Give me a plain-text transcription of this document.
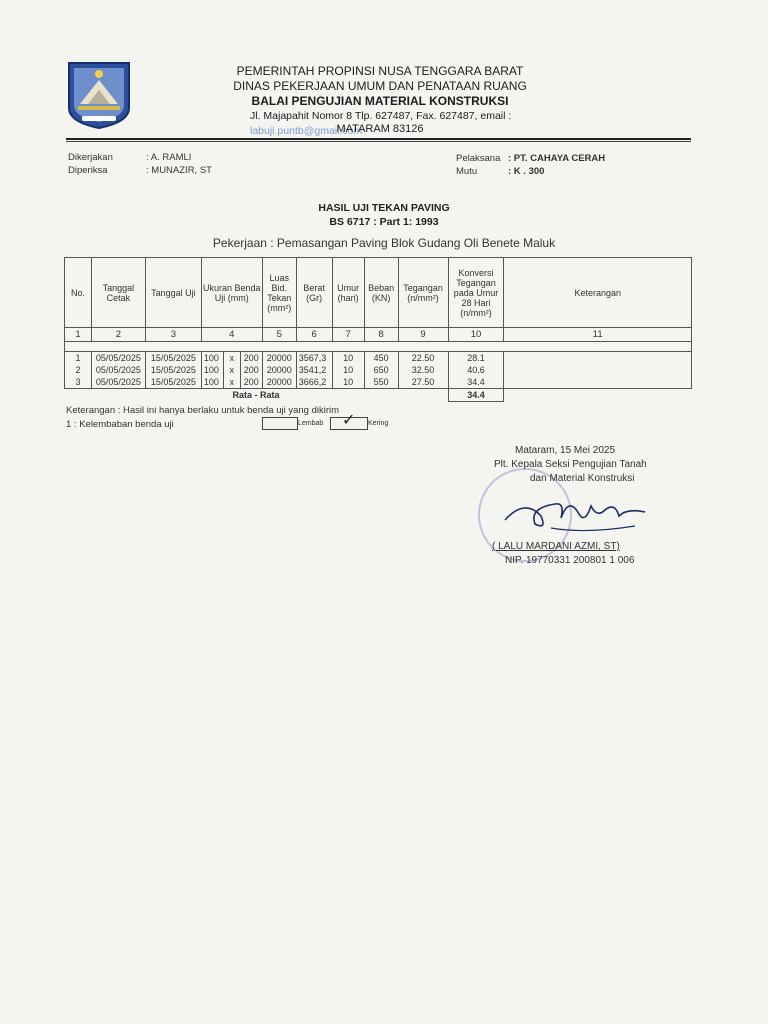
PEMERINTAH PROPINSI NUSA TENGGARA BARAT
DINAS PEKERJAAN UMUM DAN PENATAAN RUANG
BALAI PENGUJIAN MATERIAL KONSTRUKSI
Jl. Majapahit Nomor 8 Tlp. 627487, Fax. 627487, email : labuji.puntb@gmail.com
MATARAM 83126
Dikerjakan	: A. RAMLI
Diperiksa	: MUNAZIR, ST
Pelaksana : PT. CAHAYA CERAH
Mutu	: K . 300
HASIL UJI TEKAN PAVING
BS 6717 : Part 1: 1993
Pekerjaan : Pemasangan Paving Blok Gudang Oli Benete Maluk
No.	Tanggal Cetak	Tanggal Uji	Ukuran Benda Uji (mm)			Luas Bid. Tekan (mm²)	Berat (Gr)	Umur (hari)	Beban (KN)	Tegangan (n/mm²)	Konversi Tegangan pada Umur 28 Hari (n/mm²)	Keterangan
1	2	3	4			5	6	7	8	9	10	11

1	05/05/2025	15/05/2025	100	x	200	20000	3567,3	10	450	22.50	28.1	
2	05/05/2025	15/05/2025	100	x	200	20000	3541,2	10	650	32.50	40.6	
3	05/05/2025	15/05/2025	100	x	200	20000	3666,2	10	550	27.50	34.4	
Rata - Rata											34.4	
Keterangan : Hasil ini hanya berlaku untuk benda uji yang dikirim
1 : Kelembaban benda uji	Lembab ✓ Kering
Mataram, 15 Mei 2025
Plt. Kepala Seksi Pengujian Tanah
dan Material Konstruksi
( LALU MARDANI AZMI, ST)
NIP. 19770331 200801 1 006
